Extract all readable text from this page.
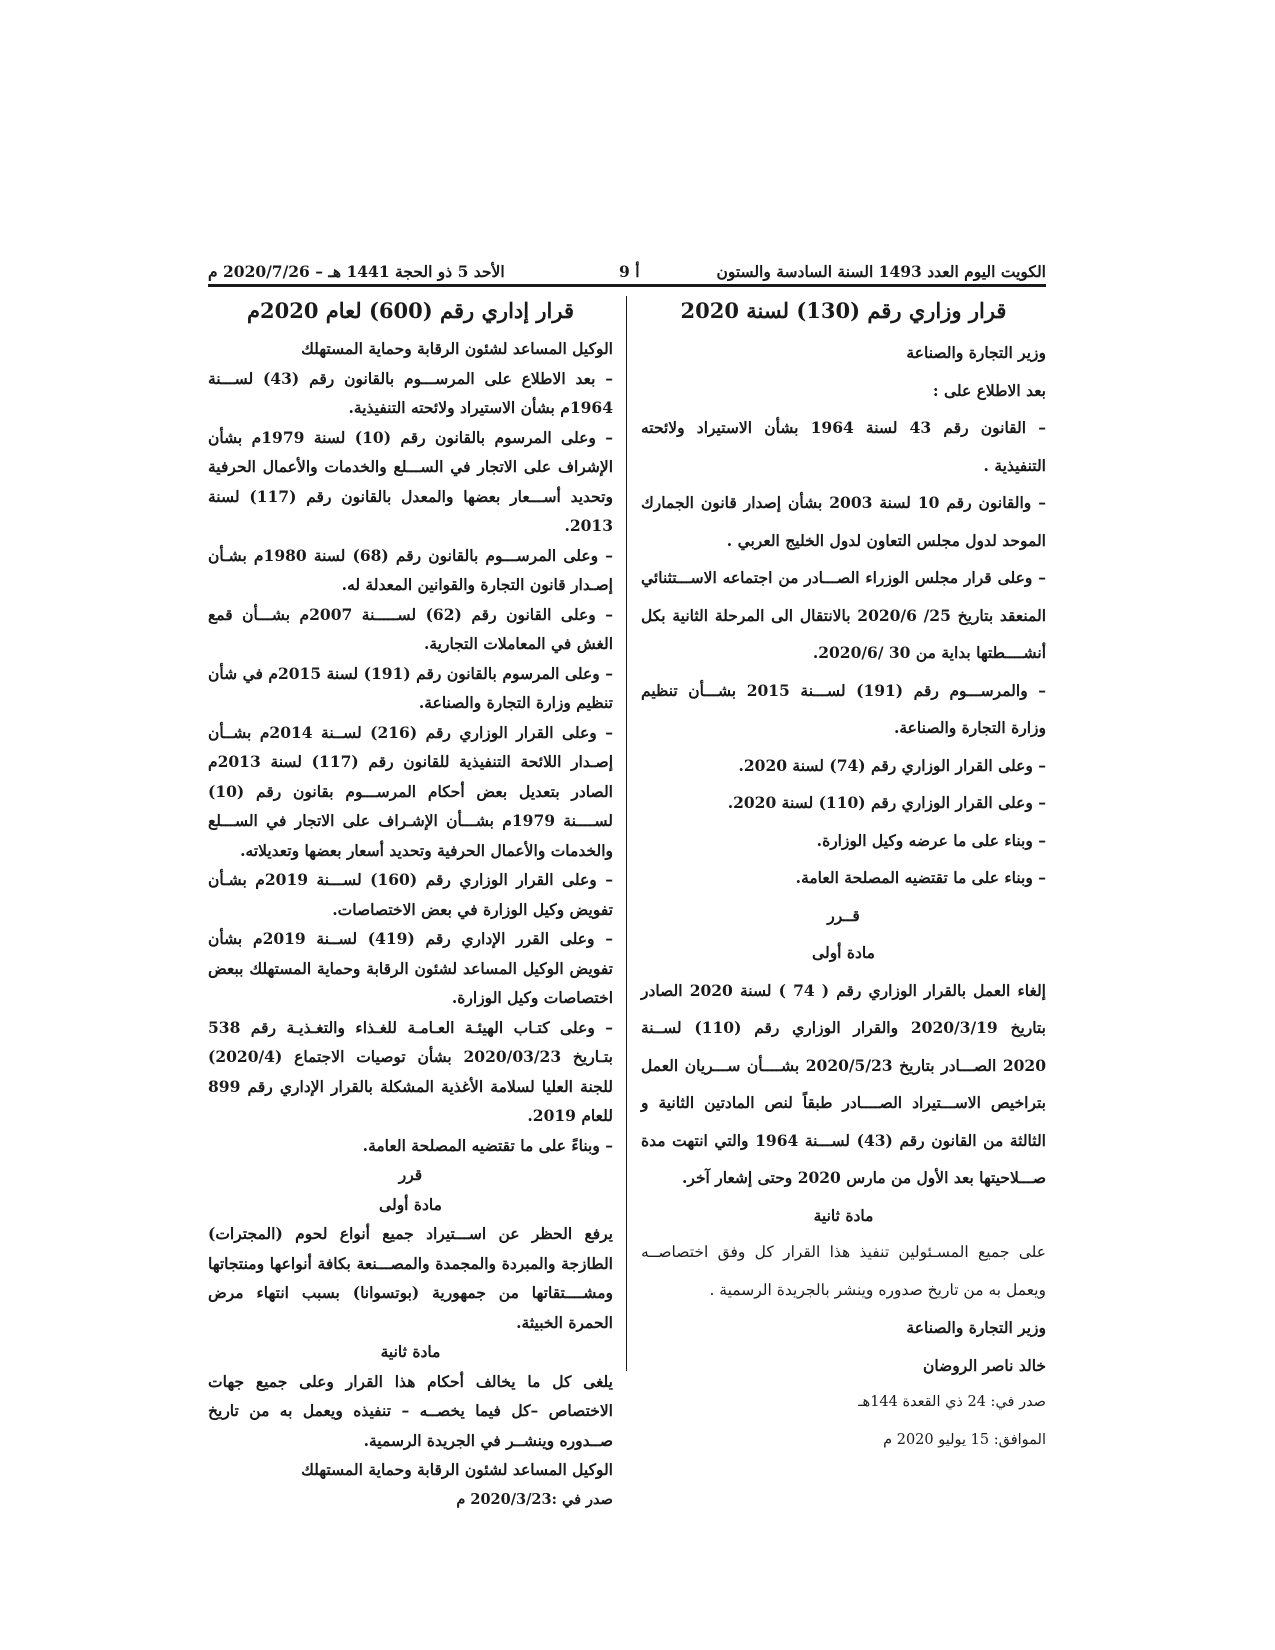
الكويت اليوم العدد 1493 السنة السادسة والستون
أ 9
الأحد 5 ذو الحجة 1441 هـ – 2020/7/26 م

قرار وزاري رقم (130) لسنة 2020

وزير التجارة والصناعة

بعد الاطلاع على :

– القانون رقم 43 لسنة 1964 بشأن الاستيراد ولائحته التنفيذية .

– والقانون رقم 10 لسنة 2003 بشأن إصدار قانون الجمارك الموحد لدول مجلس التعاون لدول الخليج العربي .

– وعلى قرار مجلس الوزراء الصـــادر من اجتماعه الاســـتثنائي المنعقد بتاريخ 25/ 2020/6 بالانتقال الى المرحلة الثانية بكل أنشــــطتها بداية من 30 /2020/6.

– والمرســـوم رقم (191) لســـنة 2015 بشـــأن تنظيم وزارة التجارة والصناعة.

– وعلى القرار الوزاري رقم (74) لسنة 2020.

– وعلى القرار الوزاري رقم (110) لسنة 2020.

– وبناء على ما عرضه وكيل الوزارة.

– وبناء على ما تقتضيه المصلحة العامة.

قــرر

مادة أولى

إلغاء العمل بالقرار الوزاري رقم ( 74 ) لسنة 2020 الصادر بتاريخ 2020/3/19 والقرار الوزاري رقم (110) لســنة 2020 الصـــادر بتاريخ 2020/5/23 بشــــأن ســـريان العمل بتراخيص الاســـتيراد الصــــادر طبقاً لنص المادتين الثانية و الثالثة من القانون رقم (43) لســـنة 1964 والتي انتهت مدة صـــلاحيتها بعد الأول من مارس 2020 وحتى إشعار آخر.

مادة ثانية

على جميع المسـئولين تنفيذ هذا القرار كل وفق اختصاصــه ويعمل به من تاريخ صدوره وينشر بالجريدة الرسمية .

وزير التجارة والصناعة

خالد ناصر الروضان

صدر في: 24 ذي القعدة 144هـ

الموافق: 15 يوليو 2020 م

قرار إداري رقم (600) لعام 2020م

الوكيل المساعد لشئون الرقابة وحماية المستهلك

– بعد الاطلاع على المرســـوم بالقانون رقم (43) لســـنة 1964م بشأن الاستيراد ولائحته التنفيذية.

– وعلى المرسوم بالقانون رقم (10) لسنة 1979م بشأن الإشراف على الاتجار في الســـلع والخدمات والأعمال الحرفية وتحديد أســـعار بعضها والمعدل بالقانون رقم (117) لسنة 2013.

– وعلى المرســـوم بالقانون رقم (68) لسنة 1980م بشـأن إصـدار قانون التجارة والقوانين المعدلة له.

– وعلى القانون رقم (62) لســـــنة 2007م بشـــأن قمع الغش في المعاملات التجارية.

– وعلى المرسوم بالقانون رقم (191) لسنة 2015م في شأن تنظيم وزارة التجارة والصناعة.

– وعلى القرار الوزاري رقم (216) لســنة 2014م بشــأن إصـدار اللائحة التنفيذية للقانون رقم (117) لسنة 2013م الصادر بتعديل بعض أحكام المرســـوم بقانون رقم (10) لســــنة 1979م بشـــأن الإشـراف على الاتجار في الســـلع والخدمات والأعمال الحرفية وتحديد أسعار بعضها وتعديلاته.

– وعلى القرار الوزاري رقم (160) لســـنة 2019م بشـأن تفويض وكيل الوزارة في بعض الاختصاصات.

– وعلى القرر الإداري رقم (419) لســنة 2019م بشأن تفويض الوكيل المساعد لشئون الرقابة وحماية المستهلك ببعض اختصاصات وكيل الوزارة.

– وعلى كتـاب الهيئـة العـامـة للغـذاء والتغـذيـة رقم 538 بتـاريخ 2020/03/23 بشأن توصيات الاجتماع (2020/4) للجنة العليا لسلامة الأغذية المشكلة بالقرار الإداري رقم 899 للعام 2019.

– وبناءً على ما تقتضيه المصلحة العامة.

قرر

مادة أولى

يرفع الحظر عن اســـتيراد جميع أنواع لحوم (المجترات) الطازجة والمبردة والمجمدة والمصـــنعة بكافة أنواعها ومنتجاتها ومشــــتقاتها من جمهورية (بوتسوانا) بسبب انتهاء مرض الحمرة الخبيثة.

مادة ثانية

يلغى كل ما يخالف أحكام هذا القرار وعلى جميع جهات الاختصاص –كل فيما يخصــه – تنفيذه ويعمل به من تاريخ صــدوره وينشــر في الجريدة الرسمية.

الوكيل المساعد لشئون الرقابة وحماية المستهلك

صدر في :2020/3/23 م
